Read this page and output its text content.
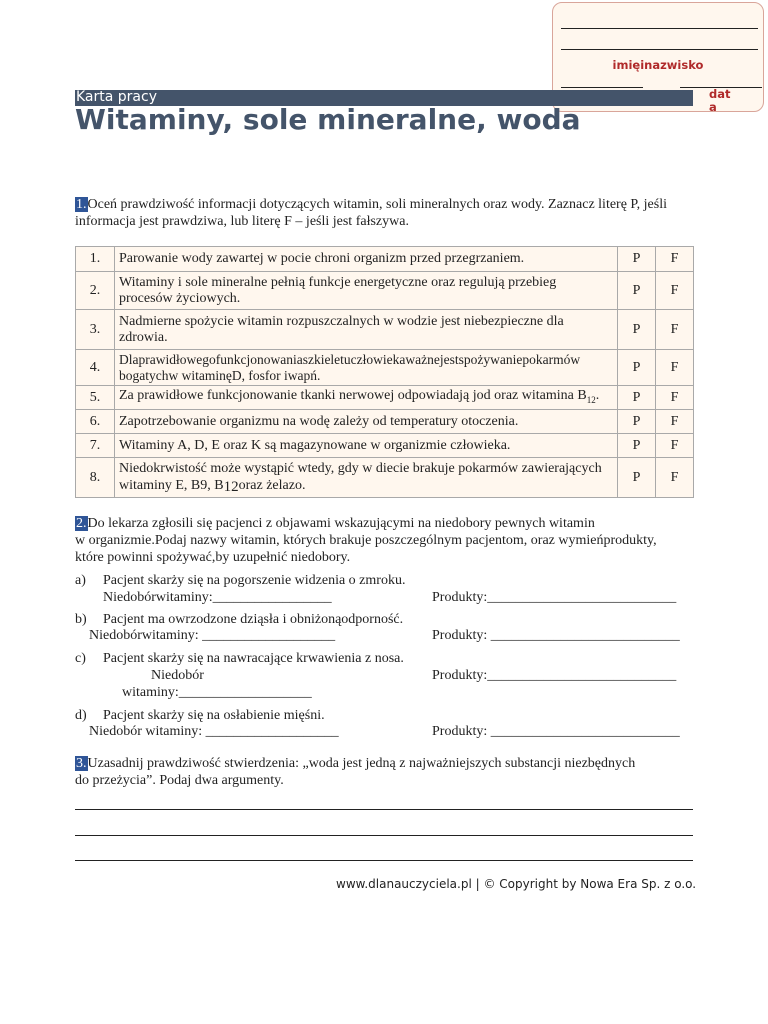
imięinazwisko
data
Karta pracy
Witaminy, sole mineralne, woda
1.Oceń prawdziwość informacji dotyczących witamin, soli mineralnych oraz wody. Zaznacz literę P, jeśli
informacja jest prawdziwa, lub literę F – jeśli jest fałszywa.
1.	Parowanie wody zawartej w pocie chroni organizm przed przegrzaniem.	P	F
2.	Witaminy i sole mineralne pełnią funkcje energetyczne oraz regulują przebieg procesów życiowych.	P	F
3.	Nadmierne spożycie witamin rozpuszczalnych w wodzie jest niebezpieczne dla zdrowia.	P	F
4.	Dlaprawidłowegofunkcjonowaniaszkieletuczłowiekaważnejestspożywaniepokarmów bogatychw witaminęD, fosfor iwapń.	P	F
5.	Za prawidłowe funkcjonowanie tkanki nerwowej odpowiadają jod oraz witamina $B_{12}$.	P	F
6.	Zapotrzebowanie organizmu na wodę zależy od temperatury otoczenia.	P	F
7.	Witaminy A, D, E oraz K są magazynowane w organizmie człowieka.	P	F
8.	Niedokrwistość może wystąpić wtedy, gdy w diecie brakuje pokarmów zawierających
witaminy E, B9, B12oraz żelazo.	P	F
2.Do lekarza zgłosili się pacjenci z objawami wskazującymi na niedobory pewnych witamin
w organizmie.Podaj nazwy witamin, których brakuje poszczególnym pacjentom, oraz wymieńprodukty,
które powinni spożywać,by uzupełnić niedobory.
a) Pacjent skarży się na pogorszenie widzenia o zmroku.
Niedobórwitaminy:_________________	Produkty:___________________________
b) Pacjent ma owrzodzone dziąsła i obniżonąodporność.
Niedobórwitaminy: ___________________	Produkty: ___________________________
c) Pacjent skarży się na nawracające krwawienia z nosa.
Niedobór
witaminy:___________________
Produkty:___________________________
d) Pacjent skarży się na osłabienie mięśni.
Niedobór witaminy: ___________________	Produkty: ___________________________
3.Uzasadnij prawdziwość stwierdzenia: „woda jest jedną z najważniejszych substancji niezbędnych
do przeżycia”. Podaj dwa argumenty.
www.dlanauczyciela.pl | © Copyright by Nowa Era Sp. z o.o.
